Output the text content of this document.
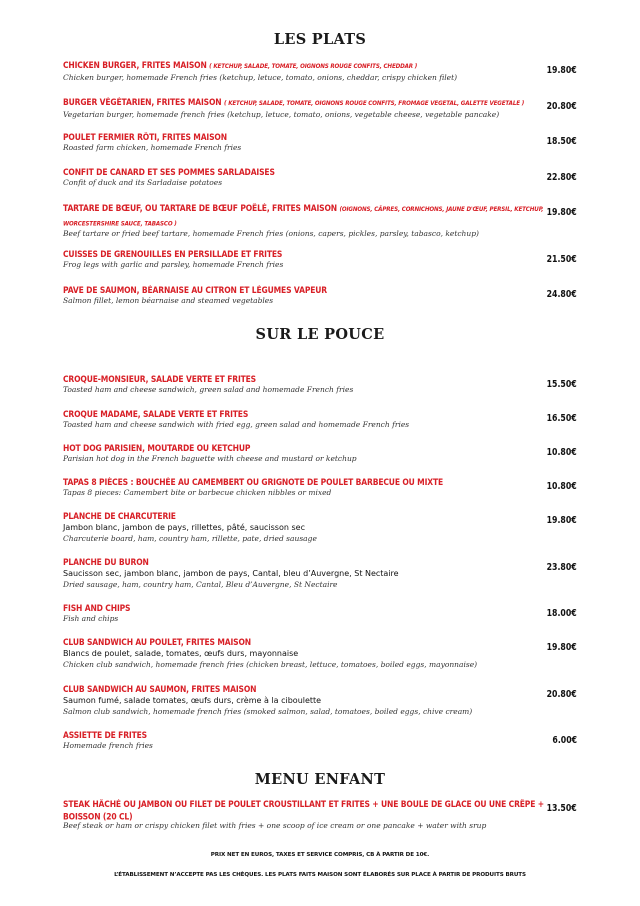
LES PLATS
CHICKEN BURGER, FRITES MAISON ( KETCHUP, SALADE, TOMATE, OIGNONS ROUGE CONFITS, CHEDDAR )
Chicken burger, homemade French fries (ketchup, letuce, tomato, onions, cheddar, crispy chicken filet)
19.80€
BURGER VÉGÉTARIEN, FRITES MAISON ( KETCHUP, SALADE, TOMATE, OIGNONS ROUGE CONFITS, FROMAGE VEGETAL, GALETTE VEGETALE )
Vegetarian burger, homemade french fries (ketchup, letuce, tomato, onions, vegetable cheese, vegetable pancake)
20.80€
POULET FERMIER RÔTI, FRITES MAISON
Roasted farm chicken, homemade French fries
18.50€
CONFIT DE CANARD ET SES POMMES SARLADAISES
Confit of duck and its Sarladaise potatoes	22.80€
TARTARE DE BŒUF, OU TARTARE DE BŒUF POÊLÉ, FRITES MAISON (OIGNONS, CÂPRES, CORNICHONS, JAUNE D'ŒUF, PERSIL, KETCHUP, WORCESTERSHIRE SAUCE, TABASCO )
Beef tartare or fried beef tartare, homemade French fries (onions, capers, pickles, parsley, tabasco, ketchup)
19.80€
CUISSES DE GRENOUILLES EN PERSILLADE ET FRITES
Frog legs with garlic and parsley, homemade French fries	21.50€
PAVE DE SAUMON, BÉARNAISE AU CITRON ET LÉGUMES VAPEUR
Salmon fillet, lemon béarnaise and steamed vegetables
24.80€
SUR LE POUCE
CROQUE-MONSIEUR, SALADE VERTE ET FRITES
Toasted ham and cheese sandwich, green salad and homemade French fries	15.50€
CROQUE MADAME, SALADE VERTE ET FRITES
Toasted ham and cheese sandwich with fried egg, green salad and homemade French fries
16.50€
HOT DOG PARISIEN, MOUTARDE OU KETCHUP
Parisian hot dog in the French baguette with cheese and mustard or ketchup
10.80€
TAPAS 8 PIÈCES : BOUCHÉE AU CAMEMBERT OU GRIGNOTE DE POULET BARBECUE OU MIXTE
Tapas 8 pieces: Camembert bite or barbecue chicken nibbles or mixed
10.80€
PLANCHE DE CHARCUTERIE
Jambon blanc, jambon de pays, rillettes, pâté, saucisson sec
Charcuterie board, ham, country ham, rillette, pate, dried sausage
19.80€
PLANCHE DU BURON
Saucisson sec, jambon blanc, jambon de pays, Cantal, bleu d’Auvergne, St Nectaire
Dried sausage, ham, country ham, Cantal, Bleu d’Auvergne, St Nectaire
23.80€
FISH AND CHIPS
Fish and chips	18.00€
CLUB SANDWICH AU POULET, FRITES MAISON
Blancs de poulet, salade, tomates, œufs durs, mayonnaise
Chicken club sandwich, homemade french fries (chicken breast, lettuce, tomatoes, boiled eggs, mayonnaise)
19.80€
CLUB SANDWICH AU SAUMON, FRITES MAISON
Saumon fumé, salade tomates, œufs durs, crème à la ciboulette
Salmon club sandwich, homemade french fries (smoked salmon, salad, tomatoes, boiled eggs, chive cream)
20.80€
ASSIETTE DE FRITES
Homemade french fries	6.00€
MENU ENFANT
STEAK HÂCHÉ OU JAMBON OU FILET DE POULET CROUSTILLANT ET FRITES + UNE BOULE DE GLACE OU UNE CRÊPE + BOISSON (20 CL)
Beef steak or ham or crispy chicken filet with fries + one scoop of ice cream or one pancake + water with srup
13.50€
PRIX NET EN EUROS, TAXES ET SERVICE COMPRIS, CB À PARTIR DE 10€.
L’ÉTABLISSEMENT N’ACCEPTE PAS LES CHÈQUES. LES PLATS FAITS MAISON SONT ÉLABORÉS SUR PLACE À PARTIR DE PRODUITS BRUTS
